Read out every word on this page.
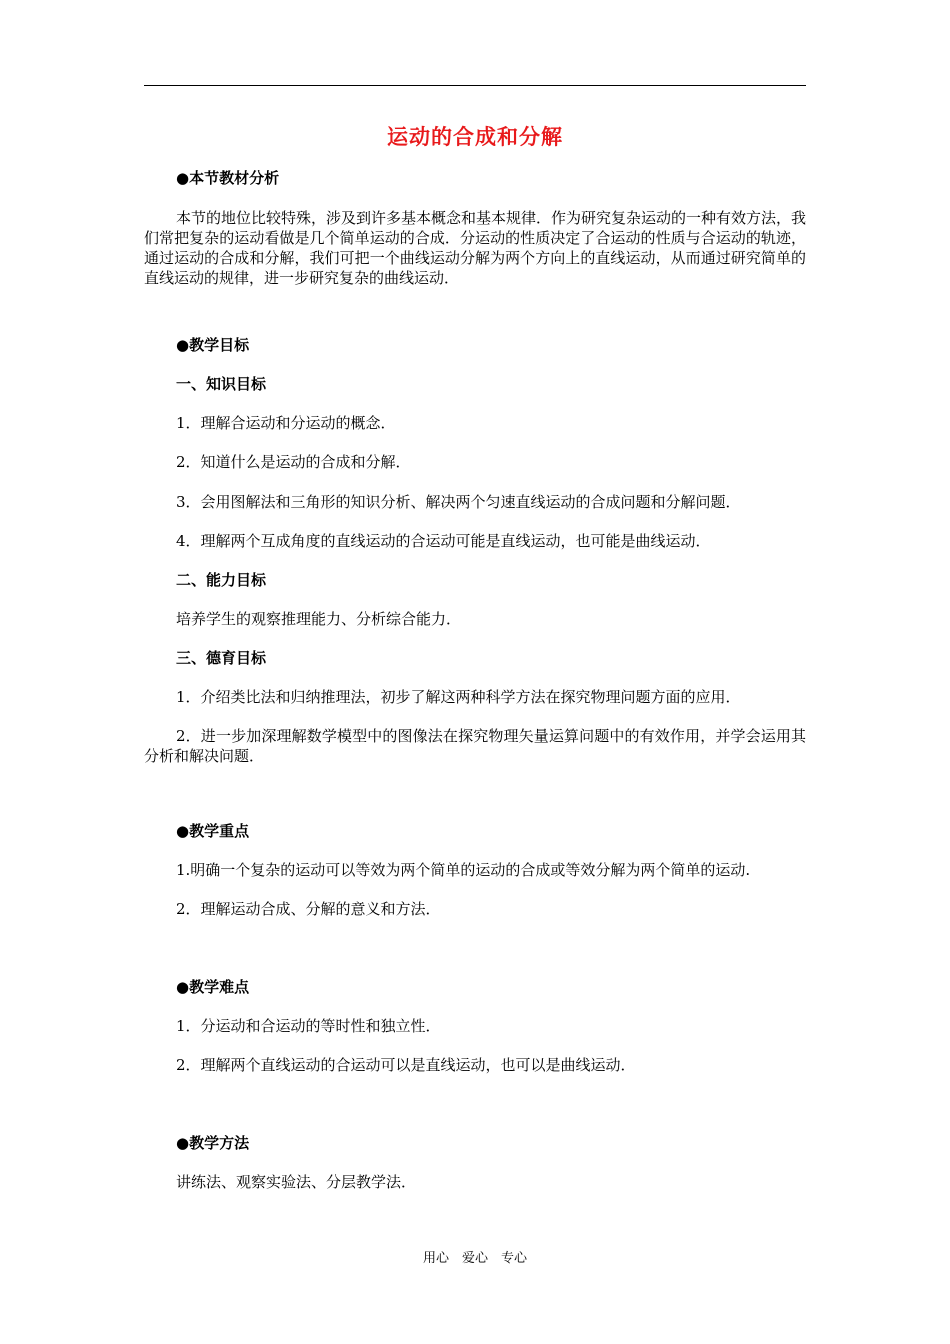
运动的合成和分解
●本节教材分析
本节的地位比较特殊，涉及到许多基本概念和基本规律．作为研究复杂运动的一种有效方法，我们常把复杂的运动看做是几个简单运动的合成．分运动的性质决定了合运动的性质与合运动的轨迹，通过运动的合成和分解，我们可把一个曲线运动分解为两个方向上的直线运动，从而通过研究简单的直线运动的规律，进一步研究复杂的曲线运动．
●教学目标
一、知识目标
1．理解合运动和分运动的概念．
2．知道什么是运动的合成和分解．
3．会用图解法和三角形的知识分析、解决两个匀速直线运动的合成问题和分解问题．
4．理解两个互成角度的直线运动的合运动可能是直线运动，也可能是曲线运动．
二、能力目标
培养学生的观察推理能力、分析综合能力．
三、德育目标
1．介绍类比法和归纳推理法，初步了解这两种科学方法在探究物理问题方面的应用．
2．进一步加深理解数学模型中的图像法在探究物理矢量运算问题中的有效作用，并学会运用其分析和解决问题．
●教学重点
1.明确一个复杂的运动可以等效为两个简单的运动的合成或等效分解为两个简单的运动.
2．理解运动合成、分解的意义和方法．
●教学难点
1．分运动和合运动的等时性和独立性．
2．理解两个直线运动的合运动可以是直线运动，也可以是曲线运动．
●教学方法
讲练法、观察实验法、分层教学法．
用心　爱心　专心
